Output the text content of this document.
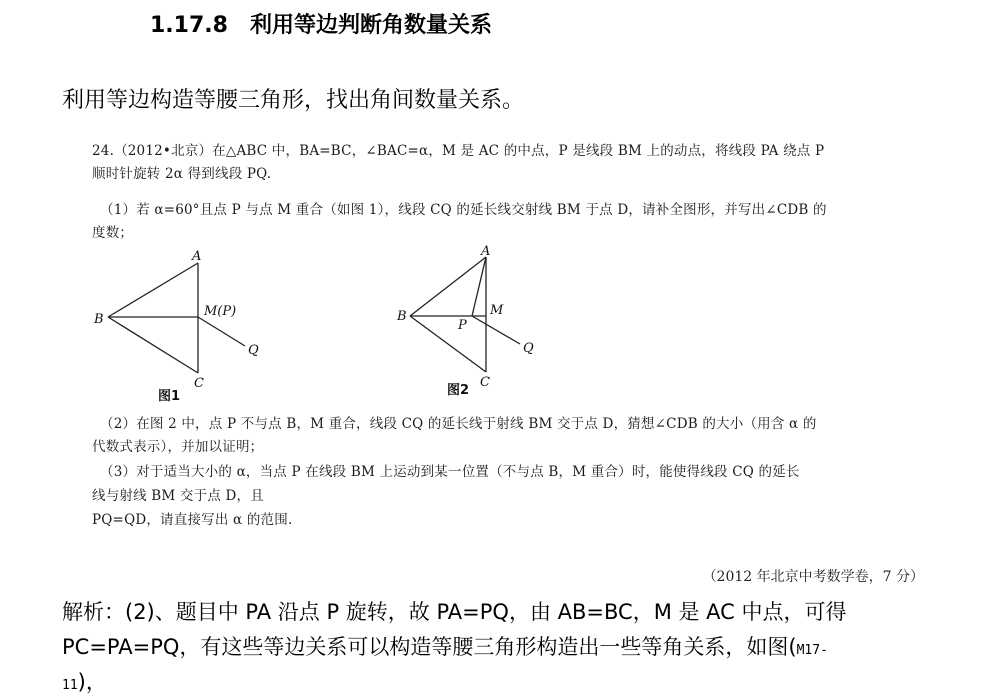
1.17.8 利用等边判断角数量关系

利用等边构造等腰三角形，找出角间数量关系。

24.（2012•北京）在△ABC 中，BA=BC，∠BAC=α，M 是 AC 的中点，P 是线段 BM 上的动点，将线段 PA 绕点 P

顺时针旋转 2α 得到线段 PQ.

（1）若 α=60°且点 P 与点 M 重合（如图 1），线段 CQ 的延长线交射线 BM 于点 D，请补全图形，并写出∠CDB 的

度数；

A
B
C
M(P)
Q
图1
A
B
C
M
P
Q
图2

（2）在图 2 中，点 P 不与点 B，M 重合，线段 CQ 的延长线于射线 BM 交于点 D，猜想∠CDB 的大小（用含 α 的

代数式表示），并加以证明；

（3）对于适当大小的 α，当点 P 在线段 BM 上运动到某一位置（不与点 B，M 重合）时，能使得线段 CQ 的延长

线与射线 BM 交于点 D，且

PQ=QD，请直接写出 α 的范围.

（2012 年北京中考数学卷，7 分）

解析：(2)、题目中 PA 沿点 P 旋转，故 PA=PQ，由 AB=BC，M 是 AC 中点，可得

PC=PA=PQ，有这些等边关系可以构造等腰三角形构造出一些等角关系，如图(M17-

11)，
